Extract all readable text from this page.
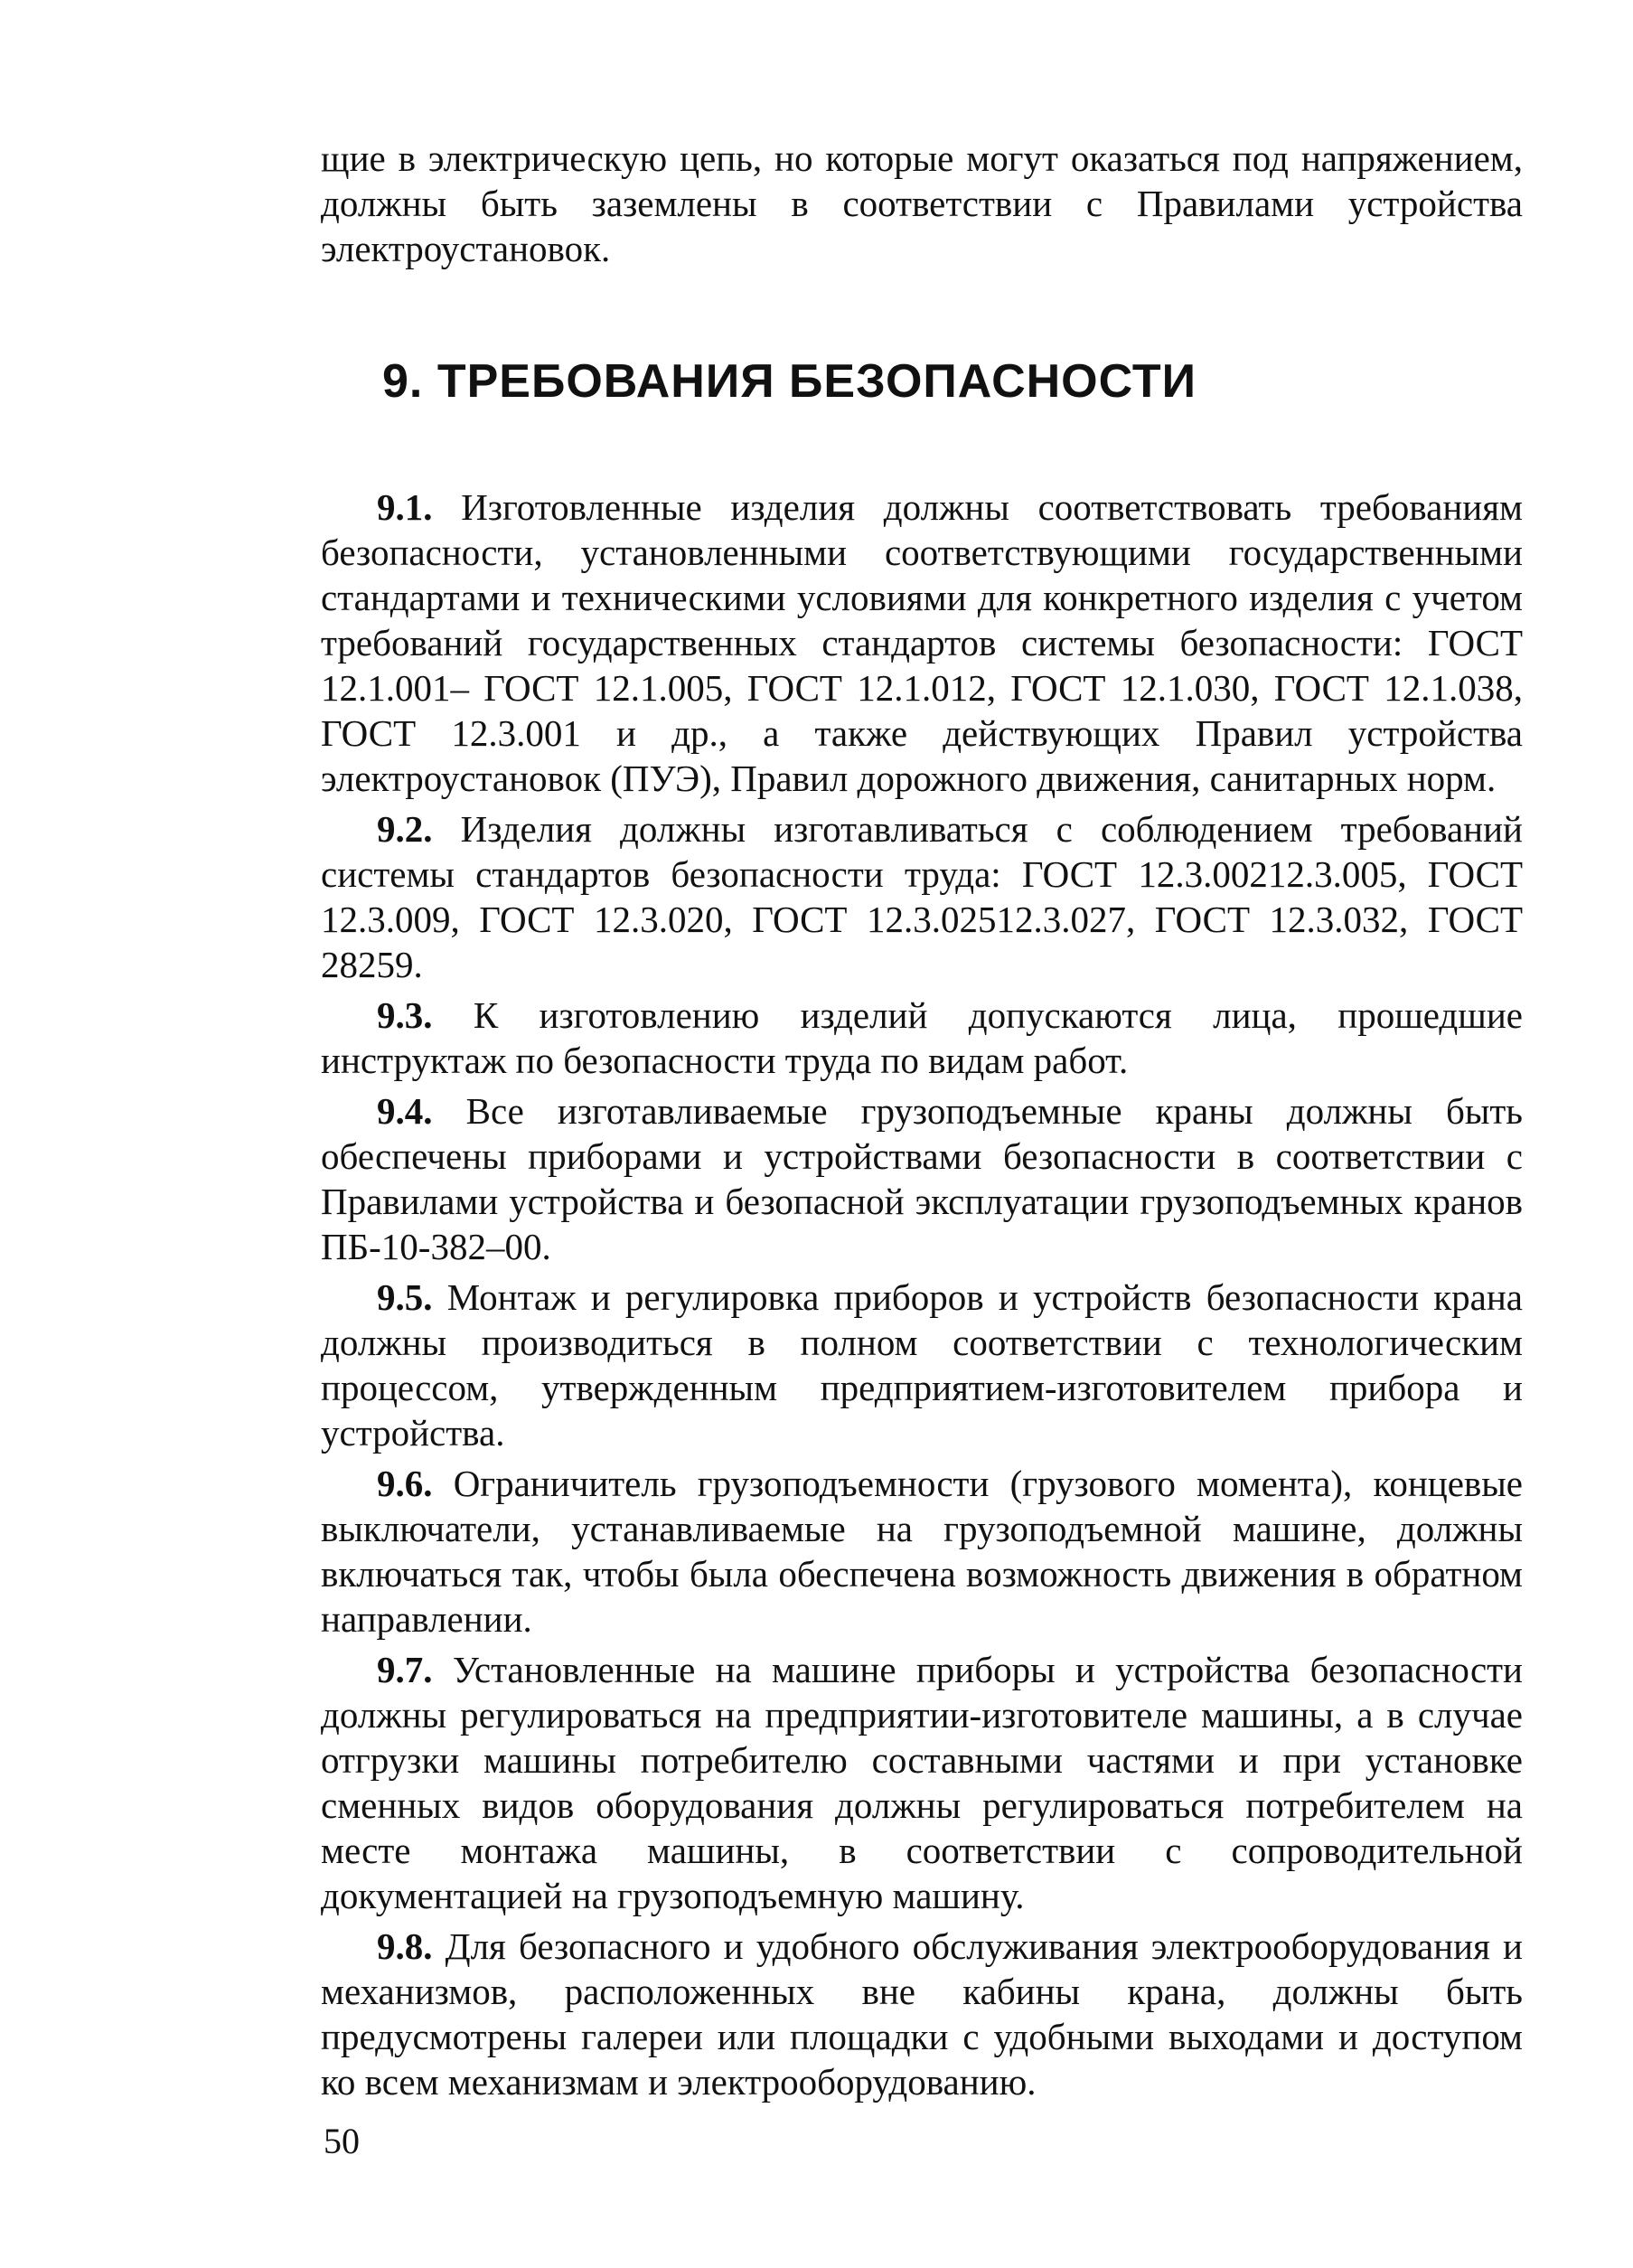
щие в электрическую цепь, но которые могут оказаться под напряжением, должны быть заземлены в соответствии с Правилами устройства электроустановок.

9. ТРЕБОВАНИЯ БЕЗОПАСНОСТИ

9.1. Изготовленные изделия должны соответствовать требованиям безопасности, установленными соответствующими государственными стандартами и техническими условиями для конкретного изделия с учетом требований государственных стандартов системы безопасности: ГОСТ 12.1.001– ГОСТ 12.1.005, ГОСТ 12.1.012, ГОСТ 12.1.030, ГОСТ 12.1.038, ГОСТ 12.3.001 и др., а также действующих Правил устройства электроустановок (ПУЭ), Правил дорожного движения, санитарных норм.

9.2. Изделия должны изготавливаться с соблюдением требований системы стандартов безопасности труда: ГОСТ 12.3.00212.3.005, ГОСТ 12.3.009, ГОСТ 12.3.020, ГОСТ 12.3.02512.3.027, ГОСТ 12.3.032, ГОСТ 28259.

9.3. К изготовлению изделий допускаются лица, прошедшие инструктаж по безопасности труда по видам работ.

9.4. Все изготавливаемые грузоподъемные краны должны быть обеспечены приборами и устройствами безопасности в соответствии с Правилами устройства и безопасной эксплуатации грузоподъемных кранов ПБ-10-382–00.

9.5. Монтаж и регулировка приборов и устройств безопасности крана должны производиться в полном соответствии с технологическим процессом, утвержденным предприятием-изготовителем прибора и устройства.

9.6. Ограничитель грузоподъемности (грузового момента), концевые выключатели, устанавливаемые на грузоподъемной машине, должны включаться так, чтобы была обеспечена возможность движения в обратном направлении.

9.7. Установленные на машине приборы и устройства безопасности должны регулироваться на предприятии-изготовителе машины, а в случае отгрузки машины потребителю составными частями и при установке сменных видов оборудования должны регулироваться потребителем на месте монтажа машины, в соответствии с сопроводительной документацией на грузоподъемную машину.

9.8. Для безопасного и удобного обслуживания электрооборудования и механизмов, расположенных вне кабины крана, должны быть предусмотрены галереи или площадки с удобными выходами и доступом ко всем механизмам и электрооборудованию.

50
